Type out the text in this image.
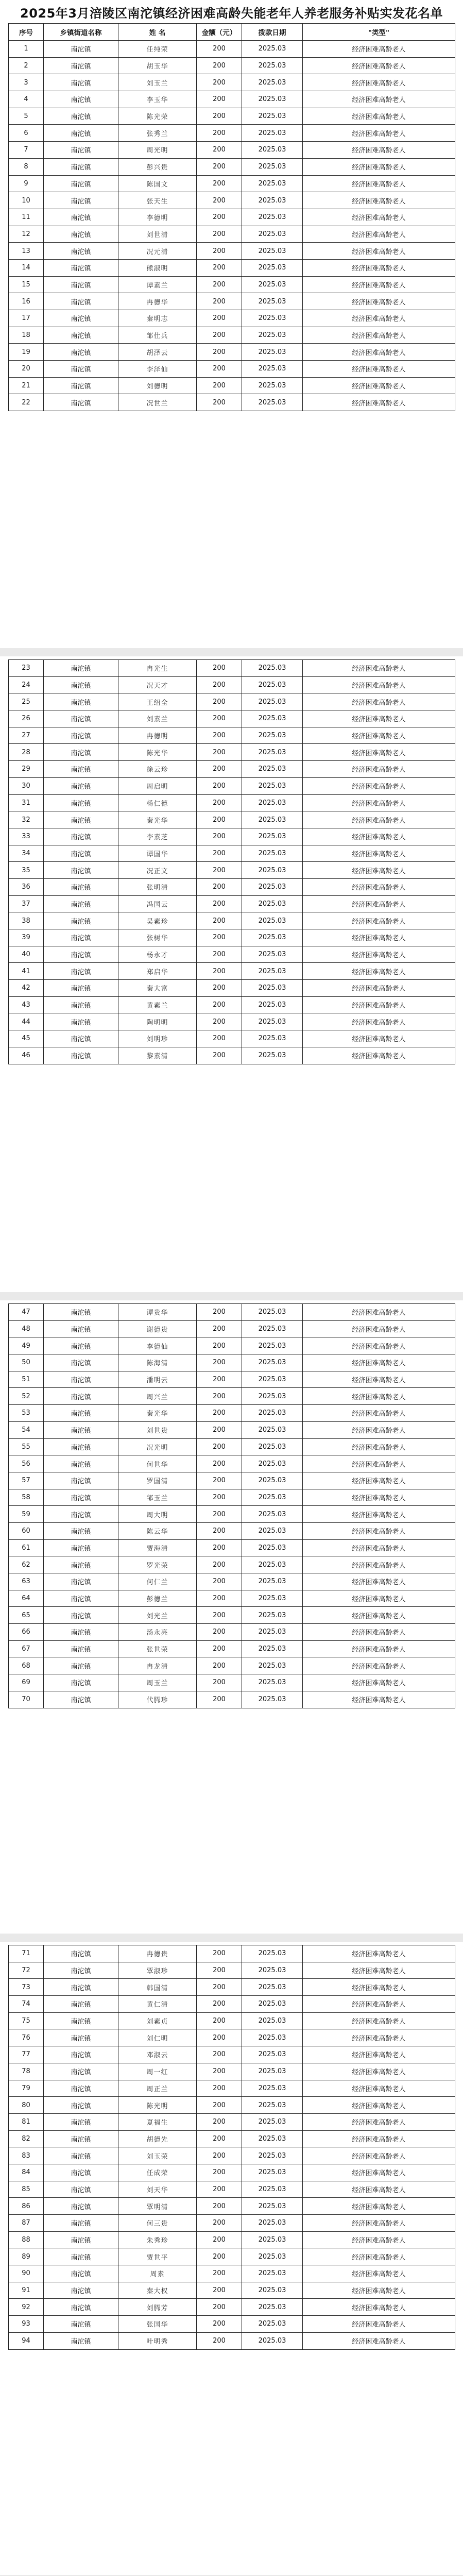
2025年3月涪陵区南沱镇经济困难高龄失能老年人养老服务补贴实发花名单
序号	乡镇街道名称	姓 名	金额（元）	拨款日期	"类型"
1	南沱镇	任纯荣	200	2025.03	经济困难高龄老人
2	南沱镇	胡玉华	200	2025.03	经济困难高龄老人
3	南沱镇	刘玉兰	200	2025.03	经济困难高龄老人
4	南沱镇	李玉华	200	2025.03	经济困难高龄老人
5	南沱镇	陈光荣	200	2025.03	经济困难高龄老人
6	南沱镇	张秀兰	200	2025.03	经济困难高龄老人
7	南沱镇	周光明	200	2025.03	经济困难高龄老人
8	南沱镇	彭兴贵	200	2025.03	经济困难高龄老人
9	南沱镇	陈国文	200	2025.03	经济困难高龄老人
10	南沱镇	张天生	200	2025.03	经济困难高龄老人
11	南沱镇	李德明	200	2025.03	经济困难高龄老人
12	南沱镇	刘世清	200	2025.03	经济困难高龄老人
13	南沱镇	况元清	200	2025.03	经济困难高龄老人
14	南沱镇	熊淑明	200	2025.03	经济困难高龄老人
15	南沱镇	谭素兰	200	2025.03	经济困难高龄老人
16	南沱镇	冉德华	200	2025.03	经济困难高龄老人
17	南沱镇	秦明志	200	2025.03	经济困难高龄老人
18	南沱镇	邹仕兵	200	2025.03	经济困难高龄老人
19	南沱镇	胡泽云	200	2025.03	经济困难高龄老人
20	南沱镇	李泽仙	200	2025.03	经济困难高龄老人
21	南沱镇	刘德明	200	2025.03	经济困难高龄老人
22	南沱镇	况世兰	200	2025.03	经济困难高龄老人
23	南沱镇	冉光生	200	2025.03	经济困难高龄老人
24	南沱镇	况天才	200	2025.03	经济困难高龄老人
25	南沱镇	王绍全	200	2025.03	经济困难高龄老人
26	南沱镇	刘素兰	200	2025.03	经济困难高龄老人
27	南沱镇	冉德明	200	2025.03	经济困难高龄老人
28	南沱镇	陈光华	200	2025.03	经济困难高龄老人
29	南沱镇	徐云珍	200	2025.03	经济困难高龄老人
30	南沱镇	周启明	200	2025.03	经济困难高龄老人
31	南沱镇	杨仁德	200	2025.03	经济困难高龄老人
32	南沱镇	秦光华	200	2025.03	经济困难高龄老人
33	南沱镇	李素芝	200	2025.03	经济困难高龄老人
34	南沱镇	谭国华	200	2025.03	经济困难高龄老人
35	南沱镇	况正文	200	2025.03	经济困难高龄老人
36	南沱镇	张明清	200	2025.03	经济困难高龄老人
37	南沱镇	冯国云	200	2025.03	经济困难高龄老人
38	南沱镇	吴素珍	200	2025.03	经济困难高龄老人
39	南沱镇	张树华	200	2025.03	经济困难高龄老人
40	南沱镇	杨永才	200	2025.03	经济困难高龄老人
41	南沱镇	郑启华	200	2025.03	经济困难高龄老人
42	南沱镇	秦大富	200	2025.03	经济困难高龄老人
43	南沱镇	黄素兰	200	2025.03	经济困难高龄老人
44	南沱镇	陶明明	200	2025.03	经济困难高龄老人
45	南沱镇	刘明珍	200	2025.03	经济困难高龄老人
46	南沱镇	黎素清	200	2025.03	经济困难高龄老人
47	南沱镇	谭贵华	200	2025.03	经济困难高龄老人
48	南沱镇	谢德贵	200	2025.03	经济困难高龄老人
49	南沱镇	李德仙	200	2025.03	经济困难高龄老人
50	南沱镇	陈海清	200	2025.03	经济困难高龄老人
51	南沱镇	潘明云	200	2025.03	经济困难高龄老人
52	南沱镇	周兴兰	200	2025.03	经济困难高龄老人
53	南沱镇	秦光华	200	2025.03	经济困难高龄老人
54	南沱镇	刘世贵	200	2025.03	经济困难高龄老人
55	南沱镇	况光明	200	2025.03	经济困难高龄老人
56	南沱镇	何世华	200	2025.03	经济困难高龄老人
57	南沱镇	罗国清	200	2025.03	经济困难高龄老人
58	南沱镇	邹玉兰	200	2025.03	经济困难高龄老人
59	南沱镇	周大明	200	2025.03	经济困难高龄老人
60	南沱镇	陈云华	200	2025.03	经济困难高龄老人
61	南沱镇	贾海清	200	2025.03	经济困难高龄老人
62	南沱镇	罗光荣	200	2025.03	经济困难高龄老人
63	南沱镇	何仁兰	200	2025.03	经济困难高龄老人
64	南沱镇	彭德兰	200	2025.03	经济困难高龄老人
65	南沱镇	刘光兰	200	2025.03	经济困难高龄老人
66	南沱镇	汤永亮	200	2025.03	经济困难高龄老人
67	南沱镇	张世荣	200	2025.03	经济困难高龄老人
68	南沱镇	冉龙清	200	2025.03	经济困难高龄老人
69	南沱镇	周玉兰	200	2025.03	经济困难高龄老人
70	南沱镇	代腾珍	200	2025.03	经济困难高龄老人
71	南沱镇	冉德贵	200	2025.03	经济困难高龄老人
72	南沱镇	覃淑珍	200	2025.03	经济困难高龄老人
73	南沱镇	韩国清	200	2025.03	经济困难高龄老人
74	南沱镇	黄仁清	200	2025.03	经济困难高龄老人
75	南沱镇	刘素贞	200	2025.03	经济困难高龄老人
76	南沱镇	刘仁明	200	2025.03	经济困难高龄老人
77	南沱镇	邓淑云	200	2025.03	经济困难高龄老人
78	南沱镇	周一红	200	2025.03	经济困难高龄老人
79	南沱镇	周正兰	200	2025.03	经济困难高龄老人
80	南沱镇	陈光明	200	2025.03	经济困难高龄老人
81	南沱镇	夏福生	200	2025.03	经济困难高龄老人
82	南沱镇	胡德先	200	2025.03	经济困难高龄老人
83	南沱镇	刘玉荣	200	2025.03	经济困难高龄老人
84	南沱镇	任成荣	200	2025.03	经济困难高龄老人
85	南沱镇	刘天华	200	2025.03	经济困难高龄老人
86	南沱镇	覃明清	200	2025.03	经济困难高龄老人
87	南沱镇	何三贵	200	2025.03	经济困难高龄老人
88	南沱镇	朱秀珍	200	2025.03	经济困难高龄老人
89	南沱镇	贾世平	200	2025.03	经济困难高龄老人
90	南沱镇	周素	200	2025.03	经济困难高龄老人
91	南沱镇	秦大权	200	2025.03	经济困难高龄老人
92	南沱镇	刘腾芳	200	2025.03	经济困难高龄老人
93	南沱镇	张国华	200	2025.03	经济困难高龄老人
94	南沱镇	叶明秀	200	2025.03	经济困难高龄老人
